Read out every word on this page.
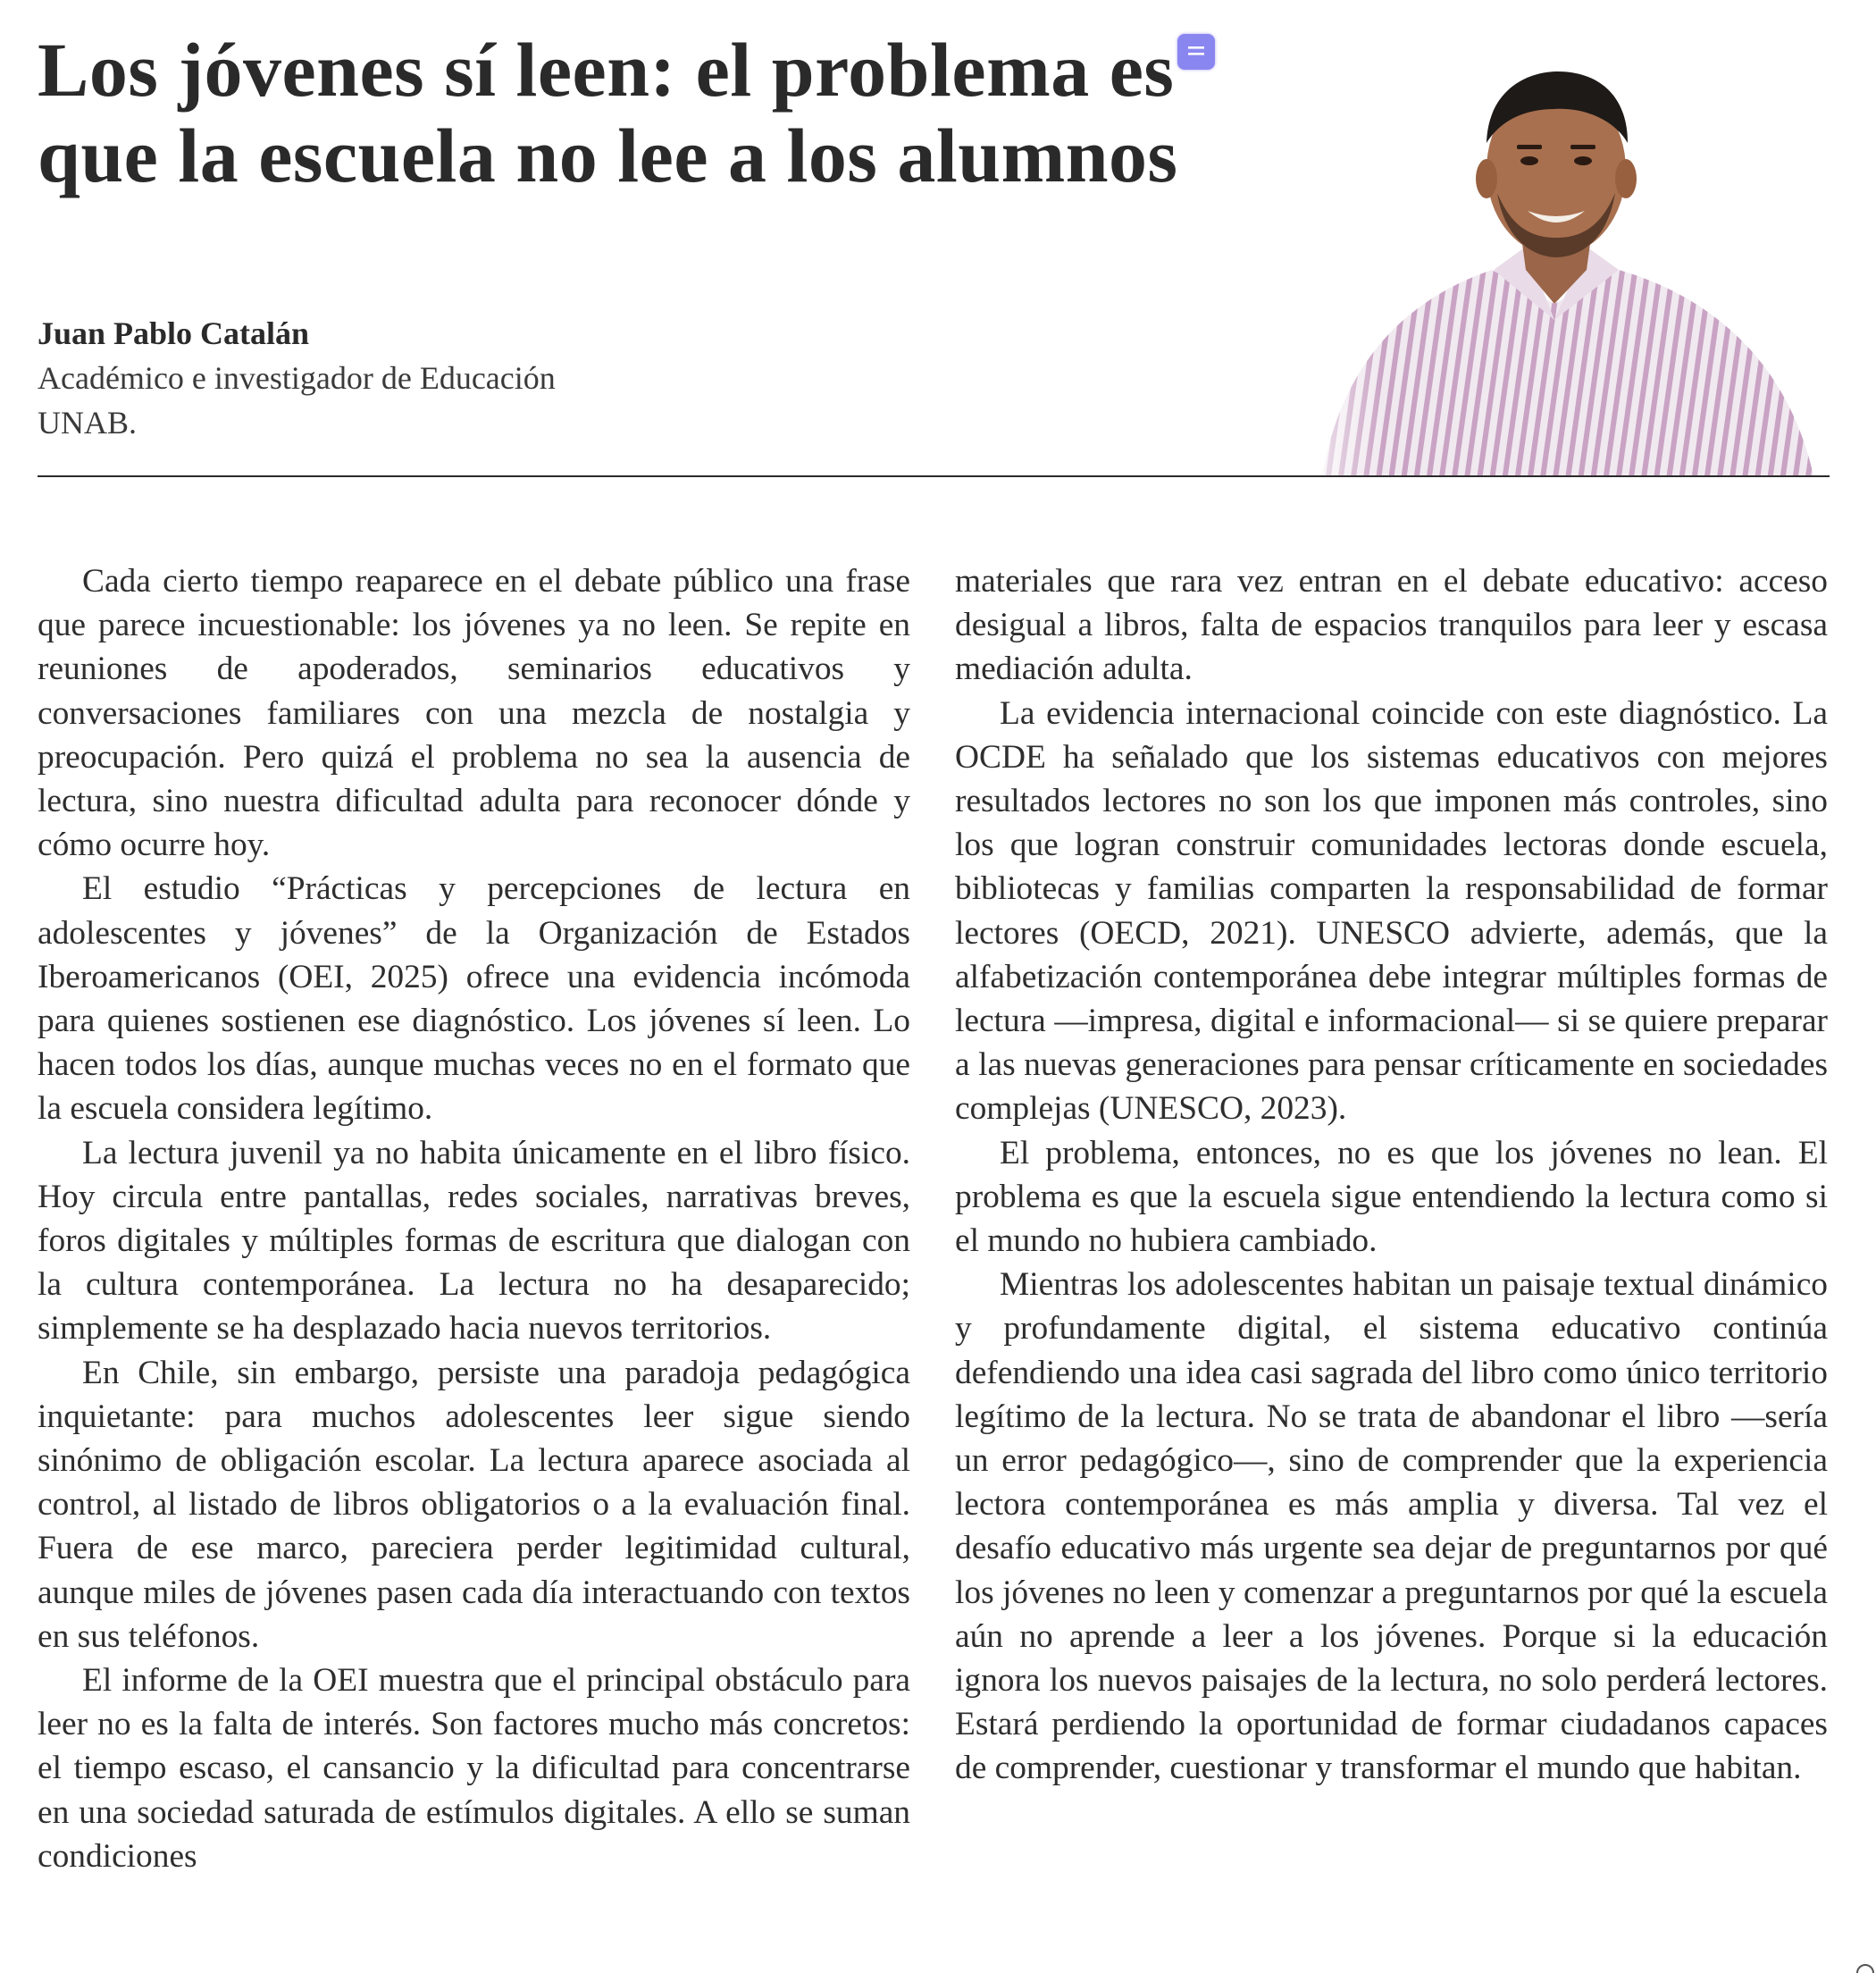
Los jóvenes sí leen: el problema es que la escuela no lee a los alumnos

Juan Pablo Catalán

Académico e investigador de Educación

UNAB.

Cada cierto tiempo reaparece en el debate público una frase que parece incuestionable: los jóvenes ya no leen. Se repite en reuniones de apoderados, seminarios educativos y conversaciones familiares con una mezcla de nostalgia y preocupación. Pero quizá el problema no sea la ausencia de lectura, sino nuestra dificultad adulta para reconocer dónde y cómo ocurre hoy.

El estudio “Prácticas y percepciones de lectura en adolescentes y jóvenes” de la Organización de Estados Iberoamericanos (OEI, 2025) ofrece una evidencia incómoda para quienes sostienen ese diagnóstico. Los jóvenes sí leen. Lo hacen todos los días, aunque muchas veces no en el formato que la escuela considera legítimo.

La lectura juvenil ya no habita únicamente en el libro físico. Hoy circula entre pantallas, redes sociales, narrativas breves, foros digitales y múltiples formas de escritura que dialogan con la cultura contemporánea. La lectura no ha desaparecido; simplemente se ha desplazado hacia nuevos territorios.

En Chile, sin embargo, persiste una paradoja pedagógica inquietante: para muchos adolescentes leer sigue siendo sinónimo de obligación escolar. La lectura aparece asociada al control, al listado de libros obligatorios o a la evaluación final. Fuera de ese marco, pareciera perder legitimidad cultural, aunque miles de jóvenes pasen cada día interactuando con textos en sus teléfonos.

El informe de la OEI muestra que el principal obstáculo para leer no es la falta de interés. Son factores mucho más concretos: el tiempo escaso, el cansancio y la dificultad para concentrarse en una sociedad saturada de estímulos digitales. A ello se suman condiciones

materiales que rara vez entran en el debate educativo: acceso desigual a libros, falta de espacios tranquilos para leer y escasa mediación adulta.

La evidencia internacional coincide con este diagnóstico. La OCDE ha señalado que los sistemas educativos con mejores resultados lectores no son los que imponen más controles, sino los que logran construir comunidades lectoras donde escuela, bibliotecas y familias comparten la responsabilidad de formar lectores (OECD, 2021). UNESCO advierte, además, que la alfabetización contemporánea debe integrar múltiples formas de lectura —impresa, digital e informacional— si se quiere preparar a las nuevas generaciones para pensar críticamente en sociedades complejas (UNESCO, 2023).

El problema, entonces, no es que los jóvenes no lean. El problema es que la escuela sigue entendiendo la lectura como si el mundo no hubiera cambiado.

Mientras los adolescentes habitan un paisaje textual dinámico y profundamente digital, el sistema educativo continúa defendiendo una idea casi sagrada del libro como único territorio legítimo de la lectura. No se trata de abandonar el libro —sería un error pedagógico—, sino de comprender que la experiencia lectora contemporánea es más amplia y diversa. Tal vez el desafío educativo más urgente sea dejar de preguntarnos por qué los jóvenes no leen y comenzar a preguntarnos por qué la escuela aún no aprende a leer a los jóvenes. Porque si la educación ignora los nuevos paisajes de la lectura, no solo perderá lectores. Estará perdiendo la oportunidad de formar ciudadanos capaces de comprender, cuestionar y transformar el mundo que habitan.
